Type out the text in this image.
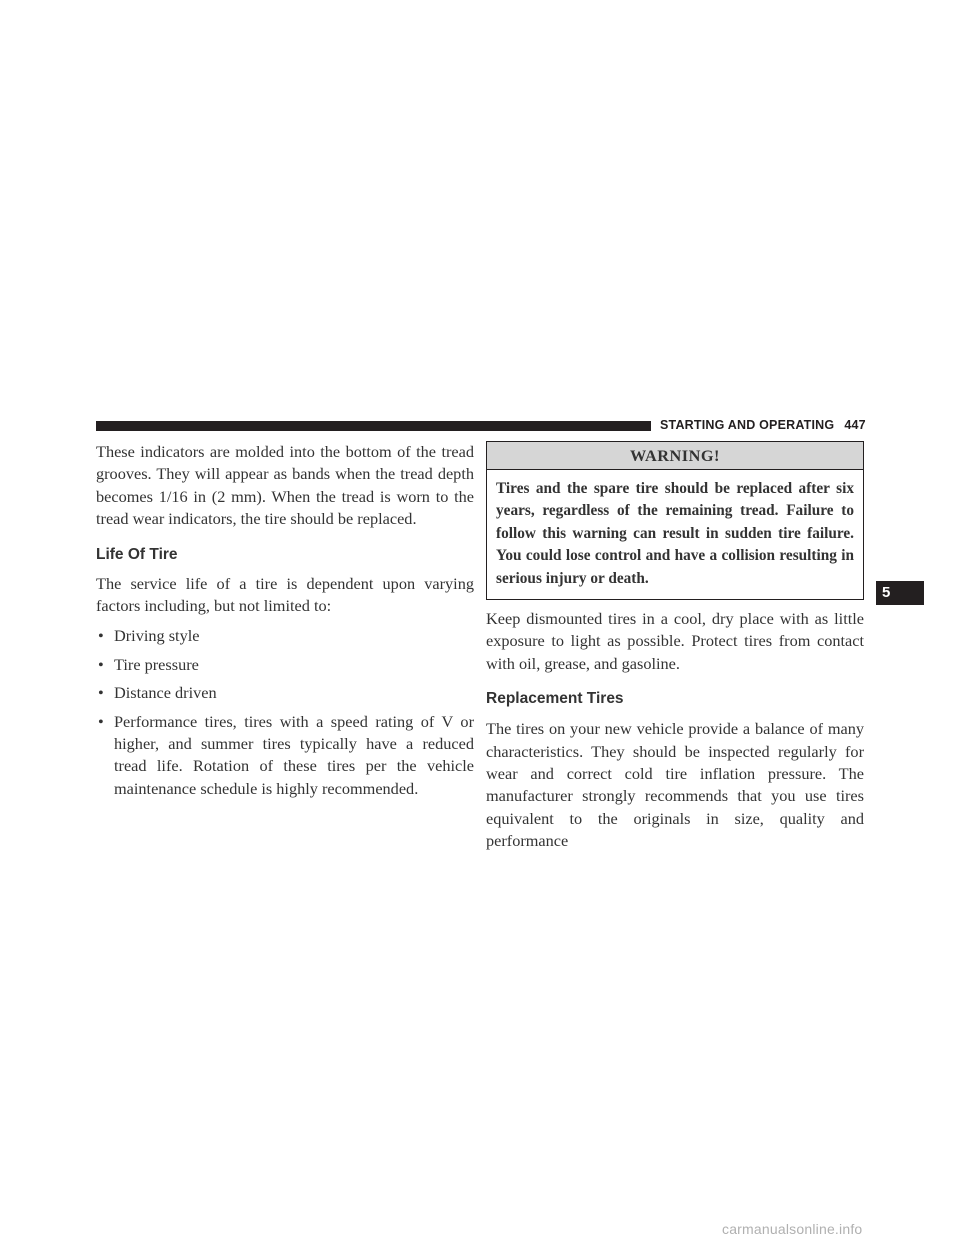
STARTING AND OPERATING 447

These indicators are molded into the bottom of the tread grooves. They will appear as bands when the tread depth becomes 1/16 in (2 mm). When the tread is worn to the tread wear indicators, the tire should be replaced.

Life Of Tire

The service life of a tire is dependent upon varying factors including, but not limited to:

• Driving style
• Tire pressure
• Distance driven
• Performance tires, tires with a speed rating of V or higher, and summer tires typically have a reduced tread life. Rotation of these tires per the vehicle maintenance schedule is highly recommended.
WARNING!
Tires and the spare tire should be replaced after six years, regardless of the remaining tread. Failure to follow this warning can result in sudden tire failure. You could lose control and have a collision resulting in serious injury or death.

Keep dismounted tires in a cool, dry place with as little exposure to light as possible. Protect tires from contact with oil, grease, and gasoline.

Replacement Tires

The tires on your new vehicle provide a balance of many characteristics. They should be inspected regularly for wear and correct cold tire inflation pressure. The manufacturer strongly recommends that you use tires equivalent to the originals in size, quality and performance

5
carmanualsonline.info
